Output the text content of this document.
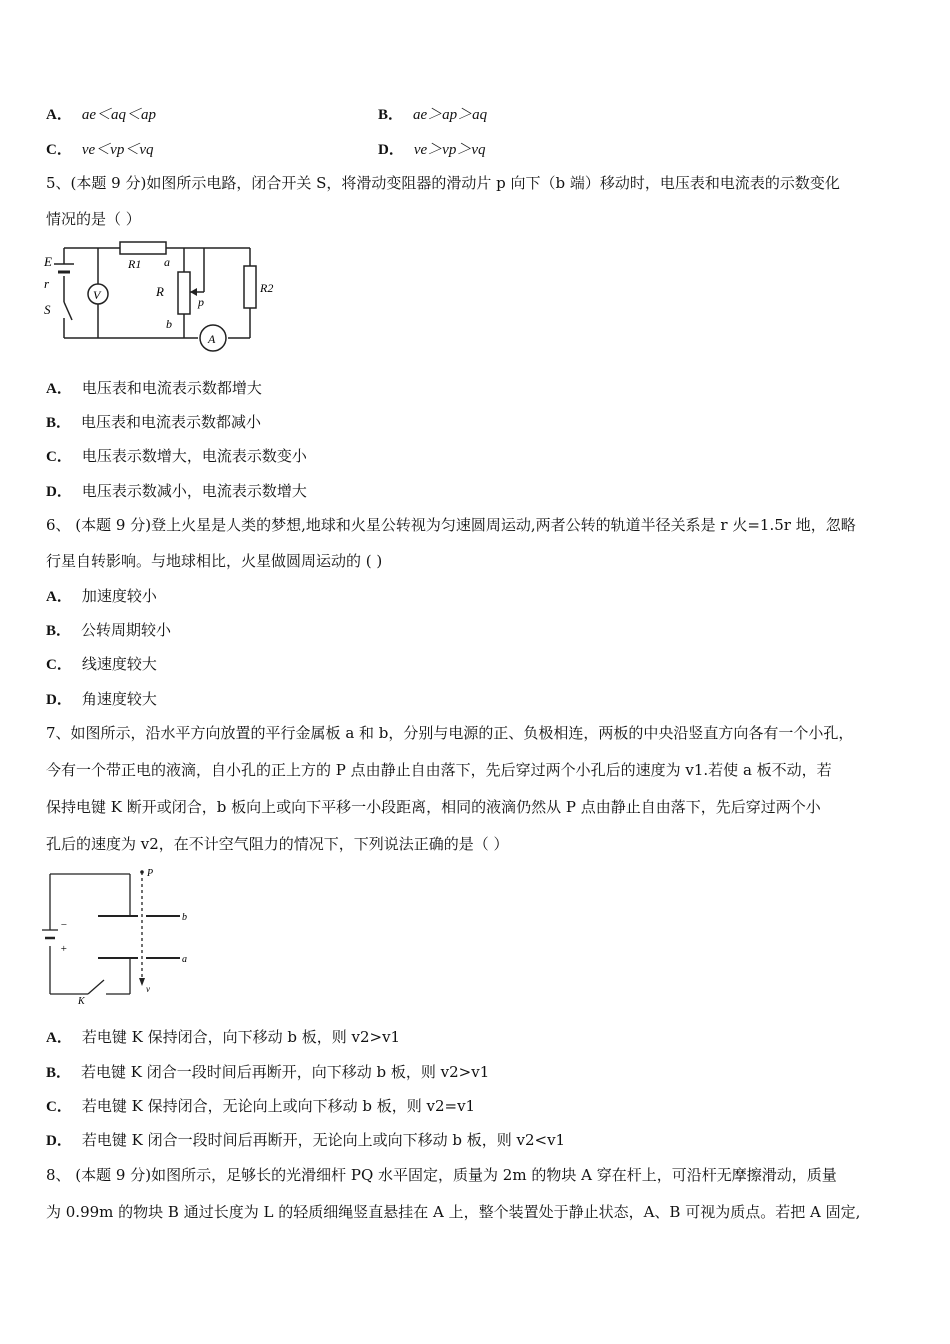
A． ae＜aq＜ap	B． ae＞ap＞aq
C． ve＜vp＜vq	D． ve＞vp＞vq
5、(本题 9 分)如图所示电路，闭合开关 S，将滑动变阻器的滑动片 p 向下（b 端）移动时，电压表和电流表的示数变化
情况的是（ ）
E
r
S
V
R1 a
R
p
b
R2
A
A． 电压表和电流表示数都增大
B． 电压表和电流表示数都减小
C． 电压表示数增大，电流表示数变小
D． 电压表示数减小，电流表示数增大
6、 (本题 9 分)登上火星是人类的梦想,地球和火星公转视为匀速圆周运动,两者公转的轨道半径关系是 r 火=1.5r 地，忽略
行星自转影响。与地球相比，火星做圆周运动的 ( )
A． 加速度较小
B． 公转周期较小
C． 线速度较大
D． 角速度较大
7、如图所示，沿水平方向放置的平行金属板 a 和 b，分别与电源的正、负极相连，两板的中央沿竖直方向各有一个小孔，
今有一个带正电的液滴，自小孔的正上方的 P 点由静止自由落下，先后穿过两个小孔后的速度为 v1.若使 a 板不动，若
保持电键 K 断开或闭合，b 板向上或向下平移一小段距离，相同的液滴仍然从 P 点由静止自由落下，先后穿过两个小
孔后的速度为 v2，在不计空气阻力的情况下，下列说法正确的是（ ）
P
b
a
−
+
K
v
A． 若电键 K 保持闭合，向下移动 b 板，则 v2>v1
B． 若电键 K 闭合一段时间后再断开，向下移动 b 板，则 v2>v1
C． 若电键 K 保持闭合，无论向上或向下移动 b 板，则 v2=v1
D． 若电键 K 闭合一段时间后再断开，无论向上或向下移动 b 板，则 v2<v1
8、 (本题 9 分)如图所示，足够长的光滑细杆 PQ 水平固定，质量为 2m 的物块 A 穿在杆上，可沿杆无摩擦滑动，质量
为 0.99m 的物块 B 通过长度为 L 的轻质细绳竖直悬挂在 A 上，整个装置处于静止状态，A、B 可视为质点。若把 A 固定,
